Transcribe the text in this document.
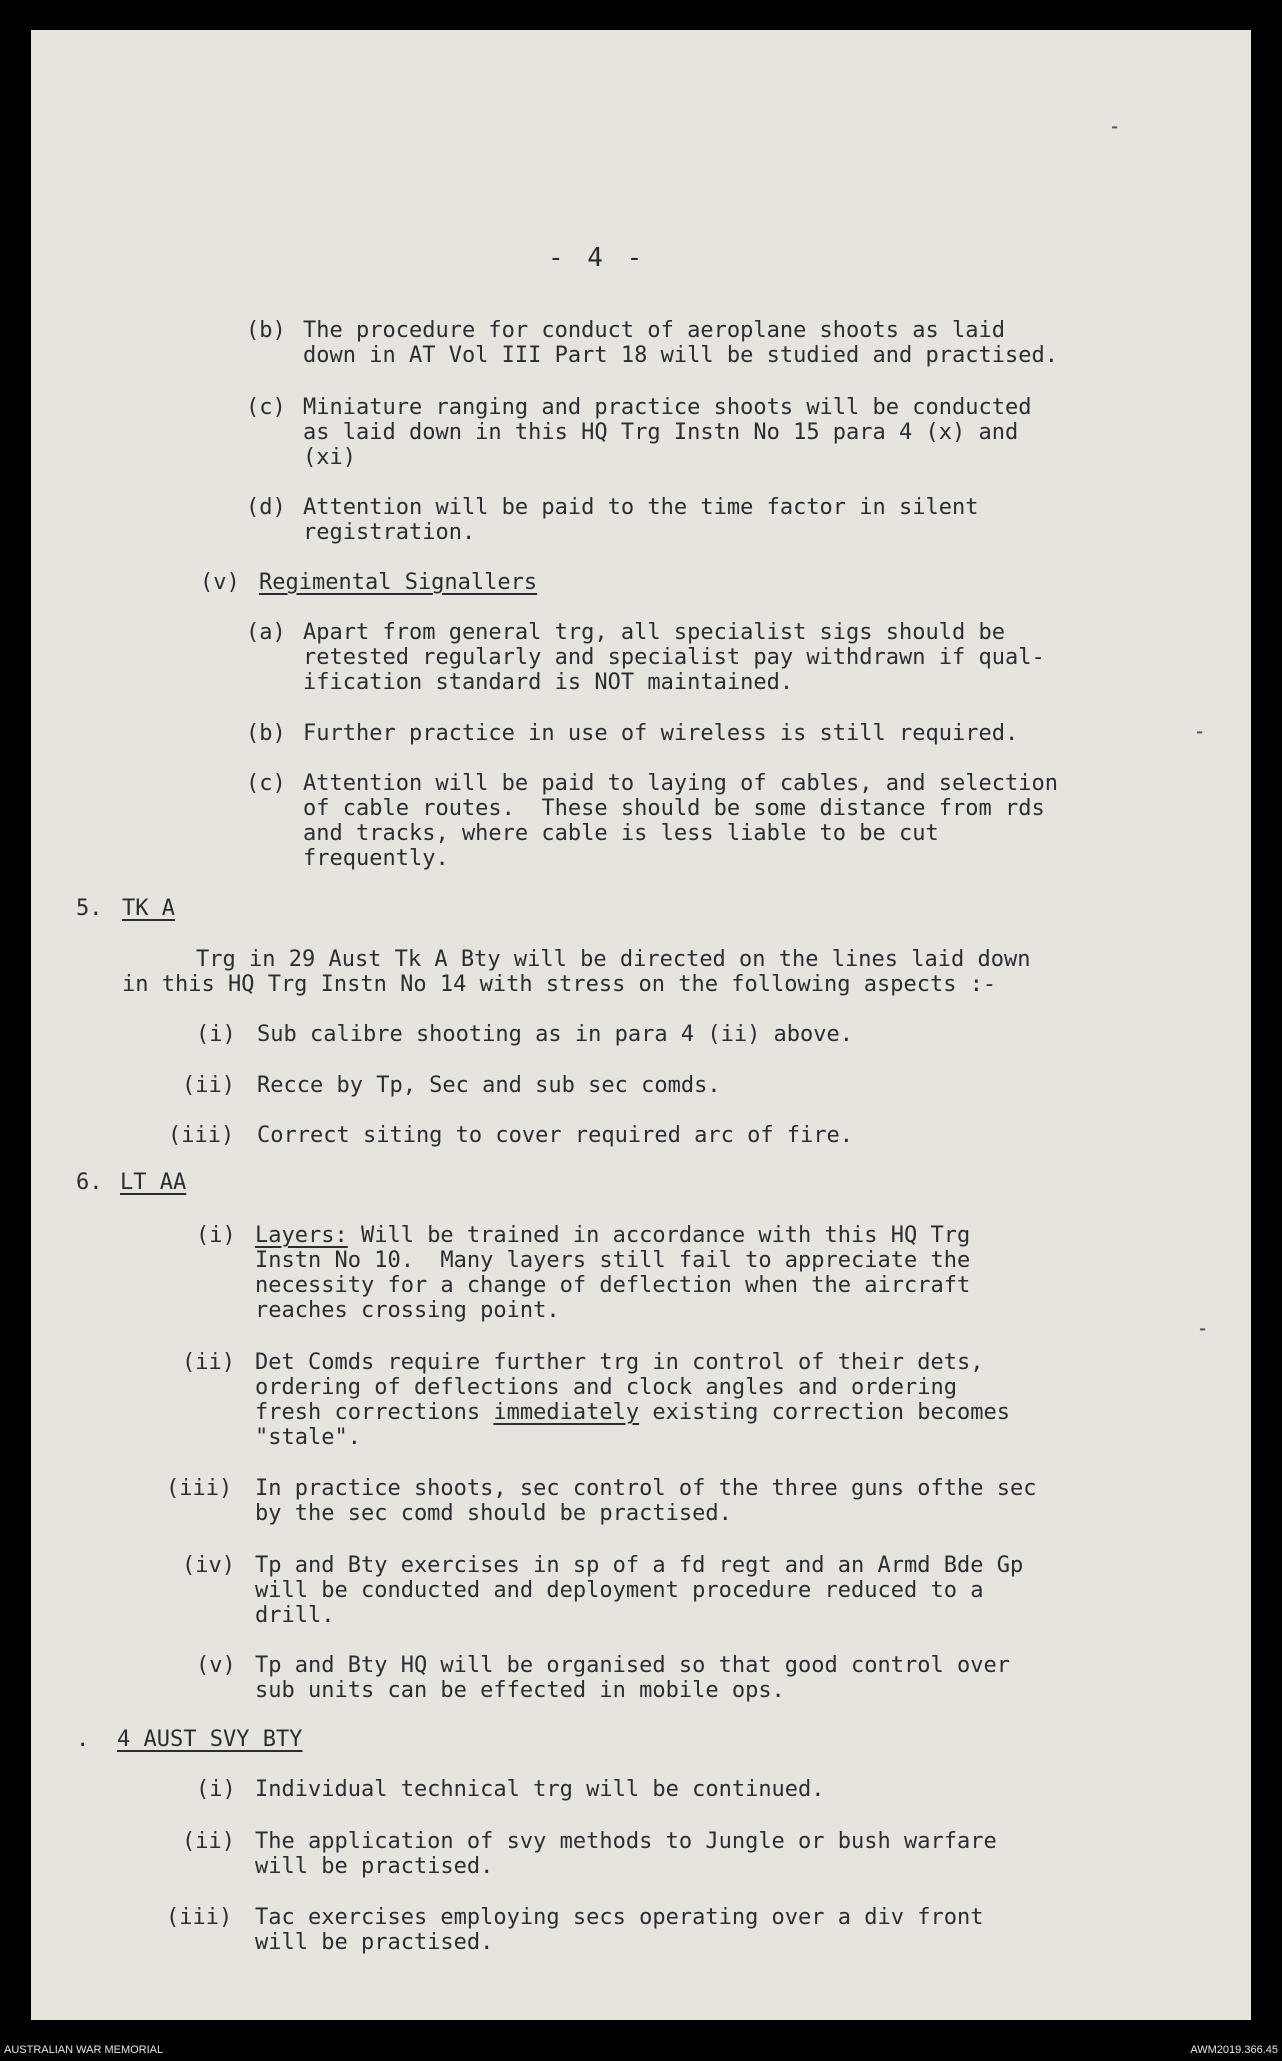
- 4 -
(b) The procedure for conduct of aeroplane shoots as laid
down in AT Vol III Part 18 will be studied and practised.
(c) Miniature ranging and practice shoots will be conducted
as laid down in this HQ Trg Instn No 15 para 4 (x) and
(xi)
(d) Attention will be paid to the time factor in silent
registration.
(v) Regimental Signallers
(a) Apart from general trg, all specialist sigs should be
retested regularly and specialist pay withdrawn if qual-
ification standard is NOT maintained.
(b) Further practice in use of wireless is still required.
(c) Attention will be paid to laying of cables, and selection
of cable routes.  These should be some distance from rds
and tracks, where cable is less liable to be cut
frequently.
5. TK A
Trg in 29 Aust Tk A Bty will be directed on the lines laid down
in this HQ Trg Instn No 14 with stress on the following aspects :-
(i) Sub calibre shooting as in para 4 (ii) above.
(ii) Recce by Tp, Sec and sub sec comds.
(iii) Correct siting to cover required arc of fire.
6. LT AA
(i) Layers: Will be trained in accordance with this HQ Trg
Instn No 10.  Many layers still fail to appreciate the
necessity for a change of deflection when the aircraft
reaches crossing point.
(ii) Det Comds require further trg in control of their dets,
ordering of deflections and clock angles and ordering
fresh corrections immediately existing correction becomes
"stale".
(iii) In practice shoots, sec control of the three guns ofthe sec
by the sec comd should be practised.
(iv) Tp and Bty exercises in sp of a fd regt and an Armd Bde Gp
will be conducted and deployment procedure reduced to a
drill.
(v) Tp and Bty HQ will be organised so that good control over
sub units can be effected in mobile ops.
. 4 AUST SVY BTY
(i) Individual technical trg will be continued.
(ii) The application of svy methods to Jungle or bush warfare
will be practised.
(iii) Tac exercises employing secs operating over a div front
will be practised.
⁃
⁃
⁃
AUSTRALIAN WAR MEMORIAL	AWM2019.366.45
